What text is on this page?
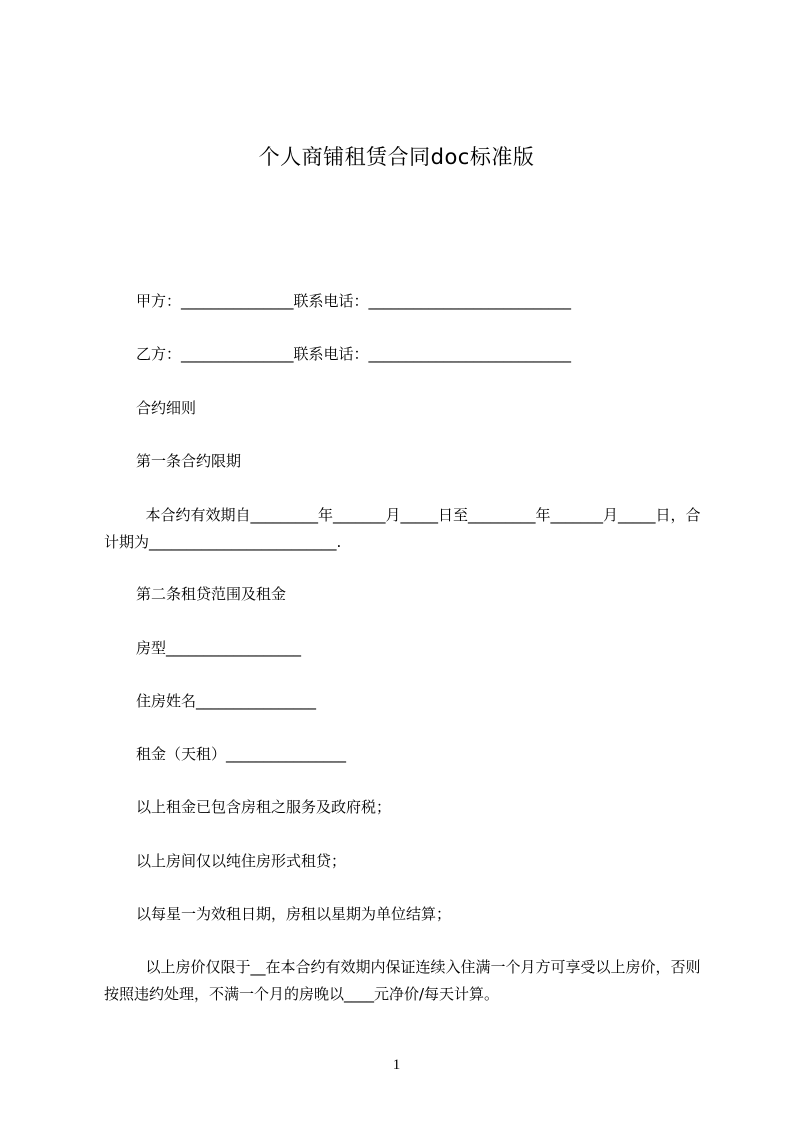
个人商铺租赁合同doc标准版
甲方：_______________联系电话：___________________________
乙方：_______________联系电话：___________________________
合约细则
第一条合约限期
本合约有效期自_________年_______月_____日至_________年_______月_____日，合计期为_________________________.
第二条租贷范围及租金
房型__________________
住房姓名________________
租金（天租）________________
以上租金已包含房租之服务及政府税；
以上房间仅以纯住房形式租贷；
以每星一为效租日期，房租以星期为单位结算；
以上房价仅限于__在本合约有效期内保证连续入住满一个月方可享受以上房价，否则按照违约处理，不满一个月的房晚以____元净价/每天计算。
1
